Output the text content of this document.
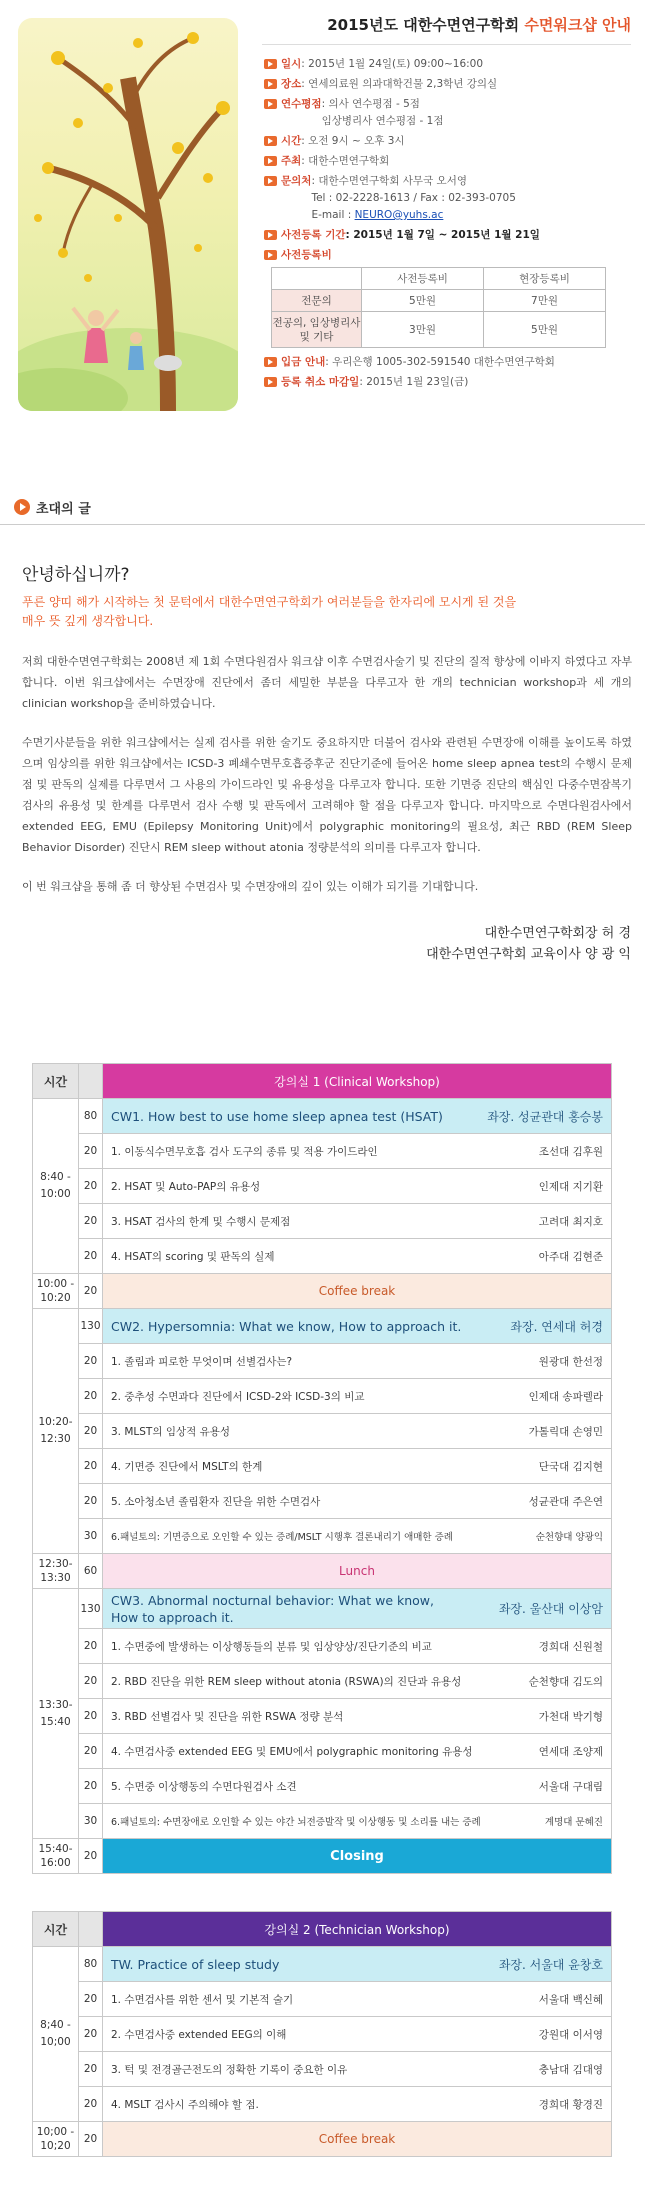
2015년도 대한수면연구학회 수면워크샵 안내
일시 : 2015년 1월 24일(토) 09:00~16:00
장소 : 연세의료원 의과대학건물 2,3학년 강의실
연수평점 : 의사 연수평점 - 5점
임상병리사 연수평점 - 1점
시간 : 오전 9시 ~ 오후 3시
주최 : 대한수면연구학회
문의처 : 대한수면연구학회 사무국 오서영
Tel : 02-2228-1613 / Fax : 02-393-0705
E-mail : NEURO@yuhs.ac
사전등록 기간 : 2015년 1월 7일 ~ 2015년 1월 21일
사전등록비
	사전등록비	현장등록비
전문의	5만원	7만원
전공의, 임상병리사 및 기타	3만원	5만원
입금 안내 : 우리은행 1005-302-591540 대한수면연구학회
등록 취소 마감일 : 2015년 1월 23일(금)
초대의 글
안녕하십니까?
푸른 양띠 해가 시작하는 첫 문턱에서 대한수면연구학회가 여러분들을 한자리에 모시게 된 것을
매우 뜻 깊게 생각합니다.

저희 대한수면연구학회는 2008년 제 1회 수면다원검사 워크샵 이후 수면검사술기 및 진단의 질적 향상에 이바지 하였다고 자부합니다. 이번 워크샵에서는 수면장애 진단에서 좀더 세밀한 부분을 다루고자 한 개의 technician workshop과 세 개의 clinician workshop을 준비하였습니다.

수면기사분들을 위한 워크샵에서는 실제 검사를 위한 술기도 중요하지만 더불어 검사와 관련된 수면장애 이해를 높이도록 하였으며 임상의를 위한 워크샵에서는 ICSD-3 폐쇄수면무호흡증후군 진단기준에 들어온 home sleep apnea test의 수행시 문제점 및 판독의 실제를 다루면서 그 사용의 가이드라인 및 유용성을 다루고자 합니다. 또한 기면증 진단의 핵심인 다중수면잠복기검사의 유용성 및 한계를 다루면서 검사 수행 및 판독에서 고려해야 할 점을 다루고자 합니다. 마지막으로 수면다원검사에서 extended EEG, EMU (Epilepsy Monitoring Unit)에서 polygraphic monitoring의 필요성, 최근 RBD (REM Sleep Behavior Disorder) 진단시 REM sleep without atonia 정량분석의 의미를 다루고자 합니다.

이 번 워크샵을 통해 좀 더 향상된 수면검사 및 수면장애의 깊이 있는 이해가 되기를 기대합니다.

대한수면연구학회장 허 경
대한수면연구학회 교육이사 양 광 익
시간		강의실 1 (Clinical Workshop)
8:40 -
10:00	80	CW1. How best to use home sleep apnea test (HSAT) 좌장. 성균관대 홍승봉

	20	1. 이동식수면무호흡 검사 도구의 종류 및 적용 가이드라인 조선대 김후원

	20	2. HSAT 및 Auto-PAP의 유용성 인제대 지기환

	20	3. HSAT 검사의 한계 및 수행시 문제점 고려대 최지호

	20	4. HSAT의 scoring 및 판독의 실제 아주대 김현준

10:00 -
10:20	20	Coffee break
10:20-
12:30	130	CW2. Hypersomnia: What we know, How to approach it. 좌장. 연세대 허경

	20	1. 졸림과 피로한 무엇이며 선별검사는? 원광대 한선정

	20	2. 중추성 수면과다 진단에서 ICSD-2와 ICSD-3의 비교 인제대 송파렐라

	20	3. MLST의 임상적 유용성 가톨릭대 손영민

	20	4. 기면증 진단에서 MSLT의 한계 단국대 김지현

	20	5. 소아청소년 졸림환자 진단을 위한 수면검사 성균관대 주은연

	30	6.패널토의: 기면증으로 오인할 수 있는 증례/MSLT 시행후 결론내리기 애매한 증례 순천향대 양광익

12:30-
13:30	60	Lunch
13:30-
15:40	130	CW3. Abnormal nocturnal behavior: What we know,
How to approach it.
좌장. 울산대 이상암

	20	1. 수면중에 발생하는 이상행동들의 분류 및 임상양상/진단기준의 비교 경희대 신원철

	20	2. RBD 진단을 위한 REM sleep without atonia (RSWA)의 진단과 유용성 순천향대 김도의

	20	3. RBD 선별검사 및 진단을 위한 RSWA 정량 분석 가천대 박기형

	20	4. 수면검사중 extended EEG 및 EMU에서 polygraphic monitoring 유용성 연세대 조양제

	20	5. 수면중 이상행동의 수면다원검사 소견 서울대 구대림

	30	6.패널토의: 수면장애로 오인할 수 있는 야간 뇌전증발작 및 이상행동 및 소리를 내는 증례 계명대 문혜진

15:40-
16:00	20	Closing
시간		강의실 2 (Technician Workshop)
8;40 -
10;00	80	TW. Practice of sleep study 좌장. 서울대 윤창호

	20	1. 수면검사를 위한 센서 및 기본적 술기 서울대 백신혜

	20	2. 수면검사중 extended EEG의 이해 강원대 이서영

	20	3. 턱 및 전경골근전도의 정확한 기록이 중요한 이유 충남대 김대영

	20	4. MSLT 검사시 주의해야 할 점. 경희대 황경진

10;00 -
10;20	20	Coffee break
